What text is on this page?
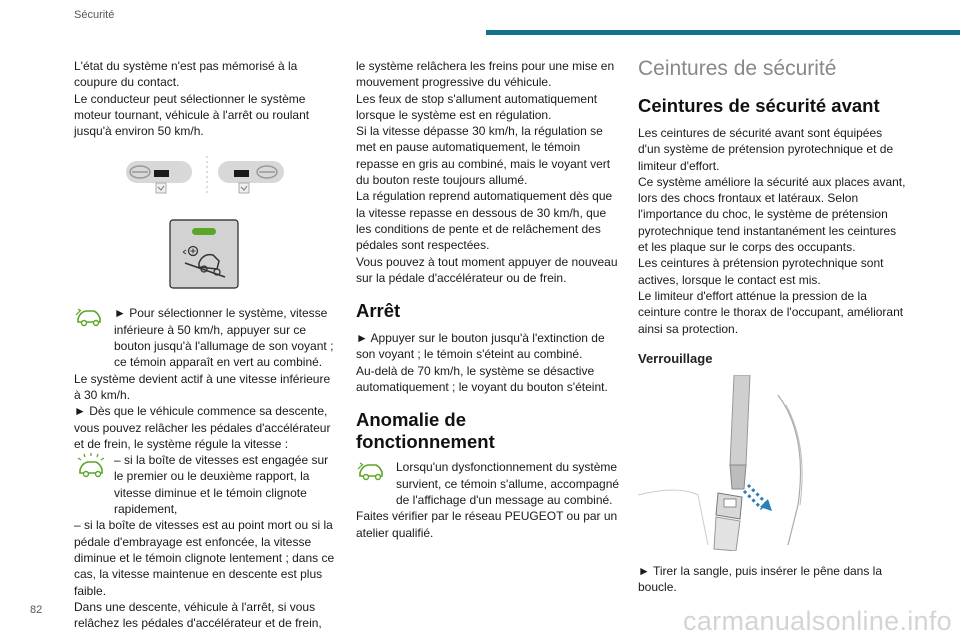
Sécurité

L'état du système n'est pas mémorisé à la coupure du contact.

Le conducteur peut sélectionner le système moteur tournant, véhicule à l'arrêt ou roulant jusqu'à environ 50 km/h.

► Pour sélectionner le système, vitesse inférieure à 50 km/h, appuyer sur ce bouton jusqu'à l'allumage de son voyant ; ce témoin apparaît en vert au combiné.

Le système devient actif à une vitesse inférieure à 30 km/h.

► Dès que le véhicule commence sa descente, vous pouvez relâcher les pédales d'accélérateur et de frein, le système régule la vitesse :

– si la boîte de vitesses est engagée sur le premier ou le deuxième rapport, la vitesse diminue et le témoin clignote rapidement,

– si la boîte de vitesses est au point mort ou si la pédale d'embrayage est enfoncée, la vitesse diminue et le témoin clignote lentement ; dans ce cas, la vitesse maintenue en descente est plus faible.

Dans une descente, véhicule à l'arrêt, si vous relâchez les pédales d'accélérateur et de frein,

le système relâchera les freins pour une mise en mouvement progressive du véhicule.

Les feux de stop s'allument automatiquement lorsque le système est en régulation.

Si la vitesse dépasse 30 km/h, la régulation se met en pause automatiquement, le témoin repasse en gris au combiné, mais le voyant vert du bouton reste toujours allumé.

La régulation reprend automatiquement dès que la vitesse repasse en dessous de 30 km/h, que les conditions de pente et de relâchement des pédales sont respectées.

Vous pouvez à tout moment appuyer de nouveau sur la pédale d'accélérateur ou de frein.

Arrêt

► Appuyer sur le bouton jusqu'à l'extinction de son voyant ; le témoin s'éteint au combiné.

Au-delà de 70 km/h, le système se désactive automatiquement ; le voyant du bouton s'éteint.

Anomalie de
fonctionnement

Lorsqu'un dysfonctionnement du système survient, ce témoin s'allume, accompagné de l'affichage d'un message au combiné.

Faites vérifier par le réseau PEUGEOT ou par un atelier qualifié.

Ceintures de sécurité
Ceintures de sécurité avant

Les ceintures de sécurité avant sont équipées d'un système de prétension pyrotechnique et de limiteur d'effort.

Ce système améliore la sécurité aux places avant, lors des chocs frontaux et latéraux. Selon l'importance du choc, le système de prétension pyrotechnique tend instantanément les ceintures et les plaque sur le corps des occupants.

Les ceintures à prétension pyrotechnique sont actives, lorsque le contact est mis.

Le limiteur d'effort atténue la pression de la ceinture contre le thorax de l'occupant, améliorant ainsi sa protection.

Verrouillage

► Tirer la sangle, puis insérer le pêne dans la boucle.

82	carmanualsonline.info
